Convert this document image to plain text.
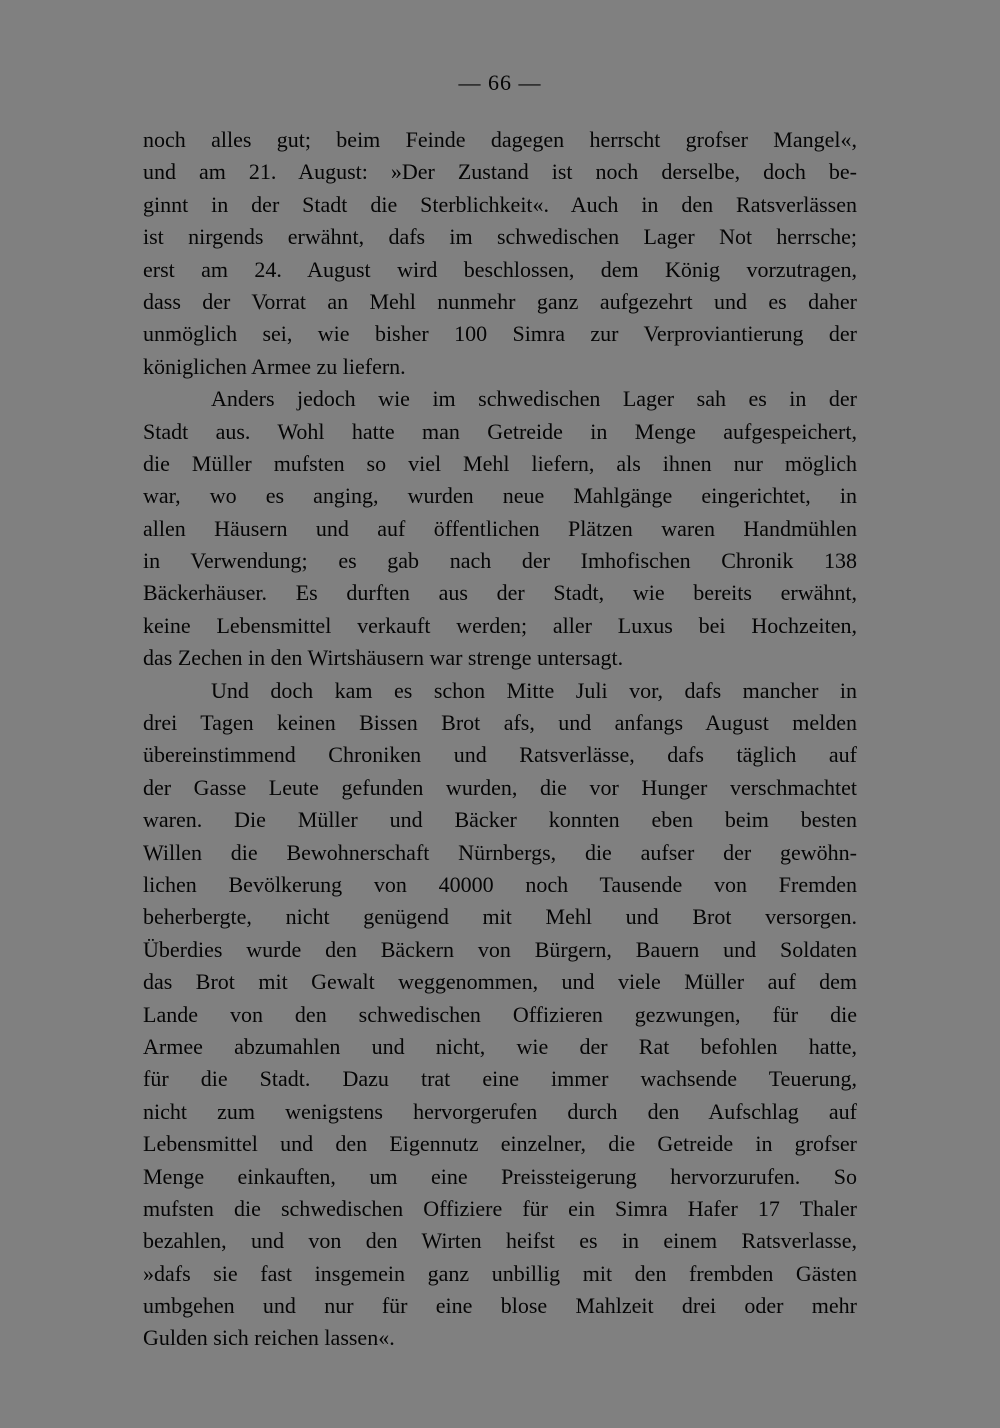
— 66 —
noch alles gut; beim Feinde dagegen herrscht grofser Mangel«,
und am 21. August: »Der Zustand ist noch derselbe, doch be-
ginnt in der Stadt die Sterblichkeit«. Auch in den Ratsverlässen
ist nirgends erwähnt, dafs im schwedischen Lager Not herrsche;
erst am 24. August wird beschlossen, dem König vorzutragen,
dass der Vorrat an Mehl nunmehr ganz aufgezehrt und es daher
unmöglich sei, wie bisher 100 Simra zur Verproviantierung der
königlichen Armee zu liefern.
Anders jedoch wie im schwedischen Lager sah es in der
Stadt aus. Wohl hatte man Getreide in Menge aufgespeichert,
die Müller mufsten so viel Mehl liefern, als ihnen nur möglich
war, wo es anging, wurden neue Mahlgänge eingerichtet, in
allen Häusern und auf öffentlichen Plätzen waren Handmühlen
in Verwendung; es gab nach der Imhofischen Chronik 138
Bäckerhäuser. Es durften aus der Stadt, wie bereits erwähnt,
keine Lebensmittel verkauft werden; aller Luxus bei Hochzeiten,
das Zechen in den Wirtshäusern war strenge untersagt.
Und doch kam es schon Mitte Juli vor, dafs mancher in
drei Tagen keinen Bissen Brot afs, und anfangs August melden
übereinstimmend Chroniken und Ratsverlässe, dafs täglich auf
der Gasse Leute gefunden wurden, die vor Hunger verschmachtet
waren. Die Müller und Bäcker konnten eben beim besten
Willen die Bewohnerschaft Nürnbergs, die aufser der gewöhn-
lichen Bevölkerung von 40000 noch Tausende von Fremden
beherbergte, nicht genügend mit Mehl und Brot versorgen.
Überdies wurde den Bäckern von Bürgern, Bauern und Soldaten
das Brot mit Gewalt weggenommen, und viele Müller auf dem
Lande von den schwedischen Offizieren gezwungen, für die
Armee abzumahlen und nicht, wie der Rat befohlen hatte,
für die Stadt. Dazu trat eine immer wachsende Teuerung,
nicht zum wenigstens hervorgerufen durch den Aufschlag auf
Lebensmittel und den Eigennutz einzelner, die Getreide in grofser
Menge einkauften, um eine Preissteigerung hervorzurufen. So
mufsten die schwedischen Offiziere für ein Simra Hafer 17 Thaler
bezahlen, und von den Wirten heifst es in einem Ratsverlasse,
»dafs sie fast insgemein ganz unbillig mit den frembden Gästen
umbgehen und nur für eine blose Mahlzeit drei oder mehr
Gulden sich reichen lassen«.
